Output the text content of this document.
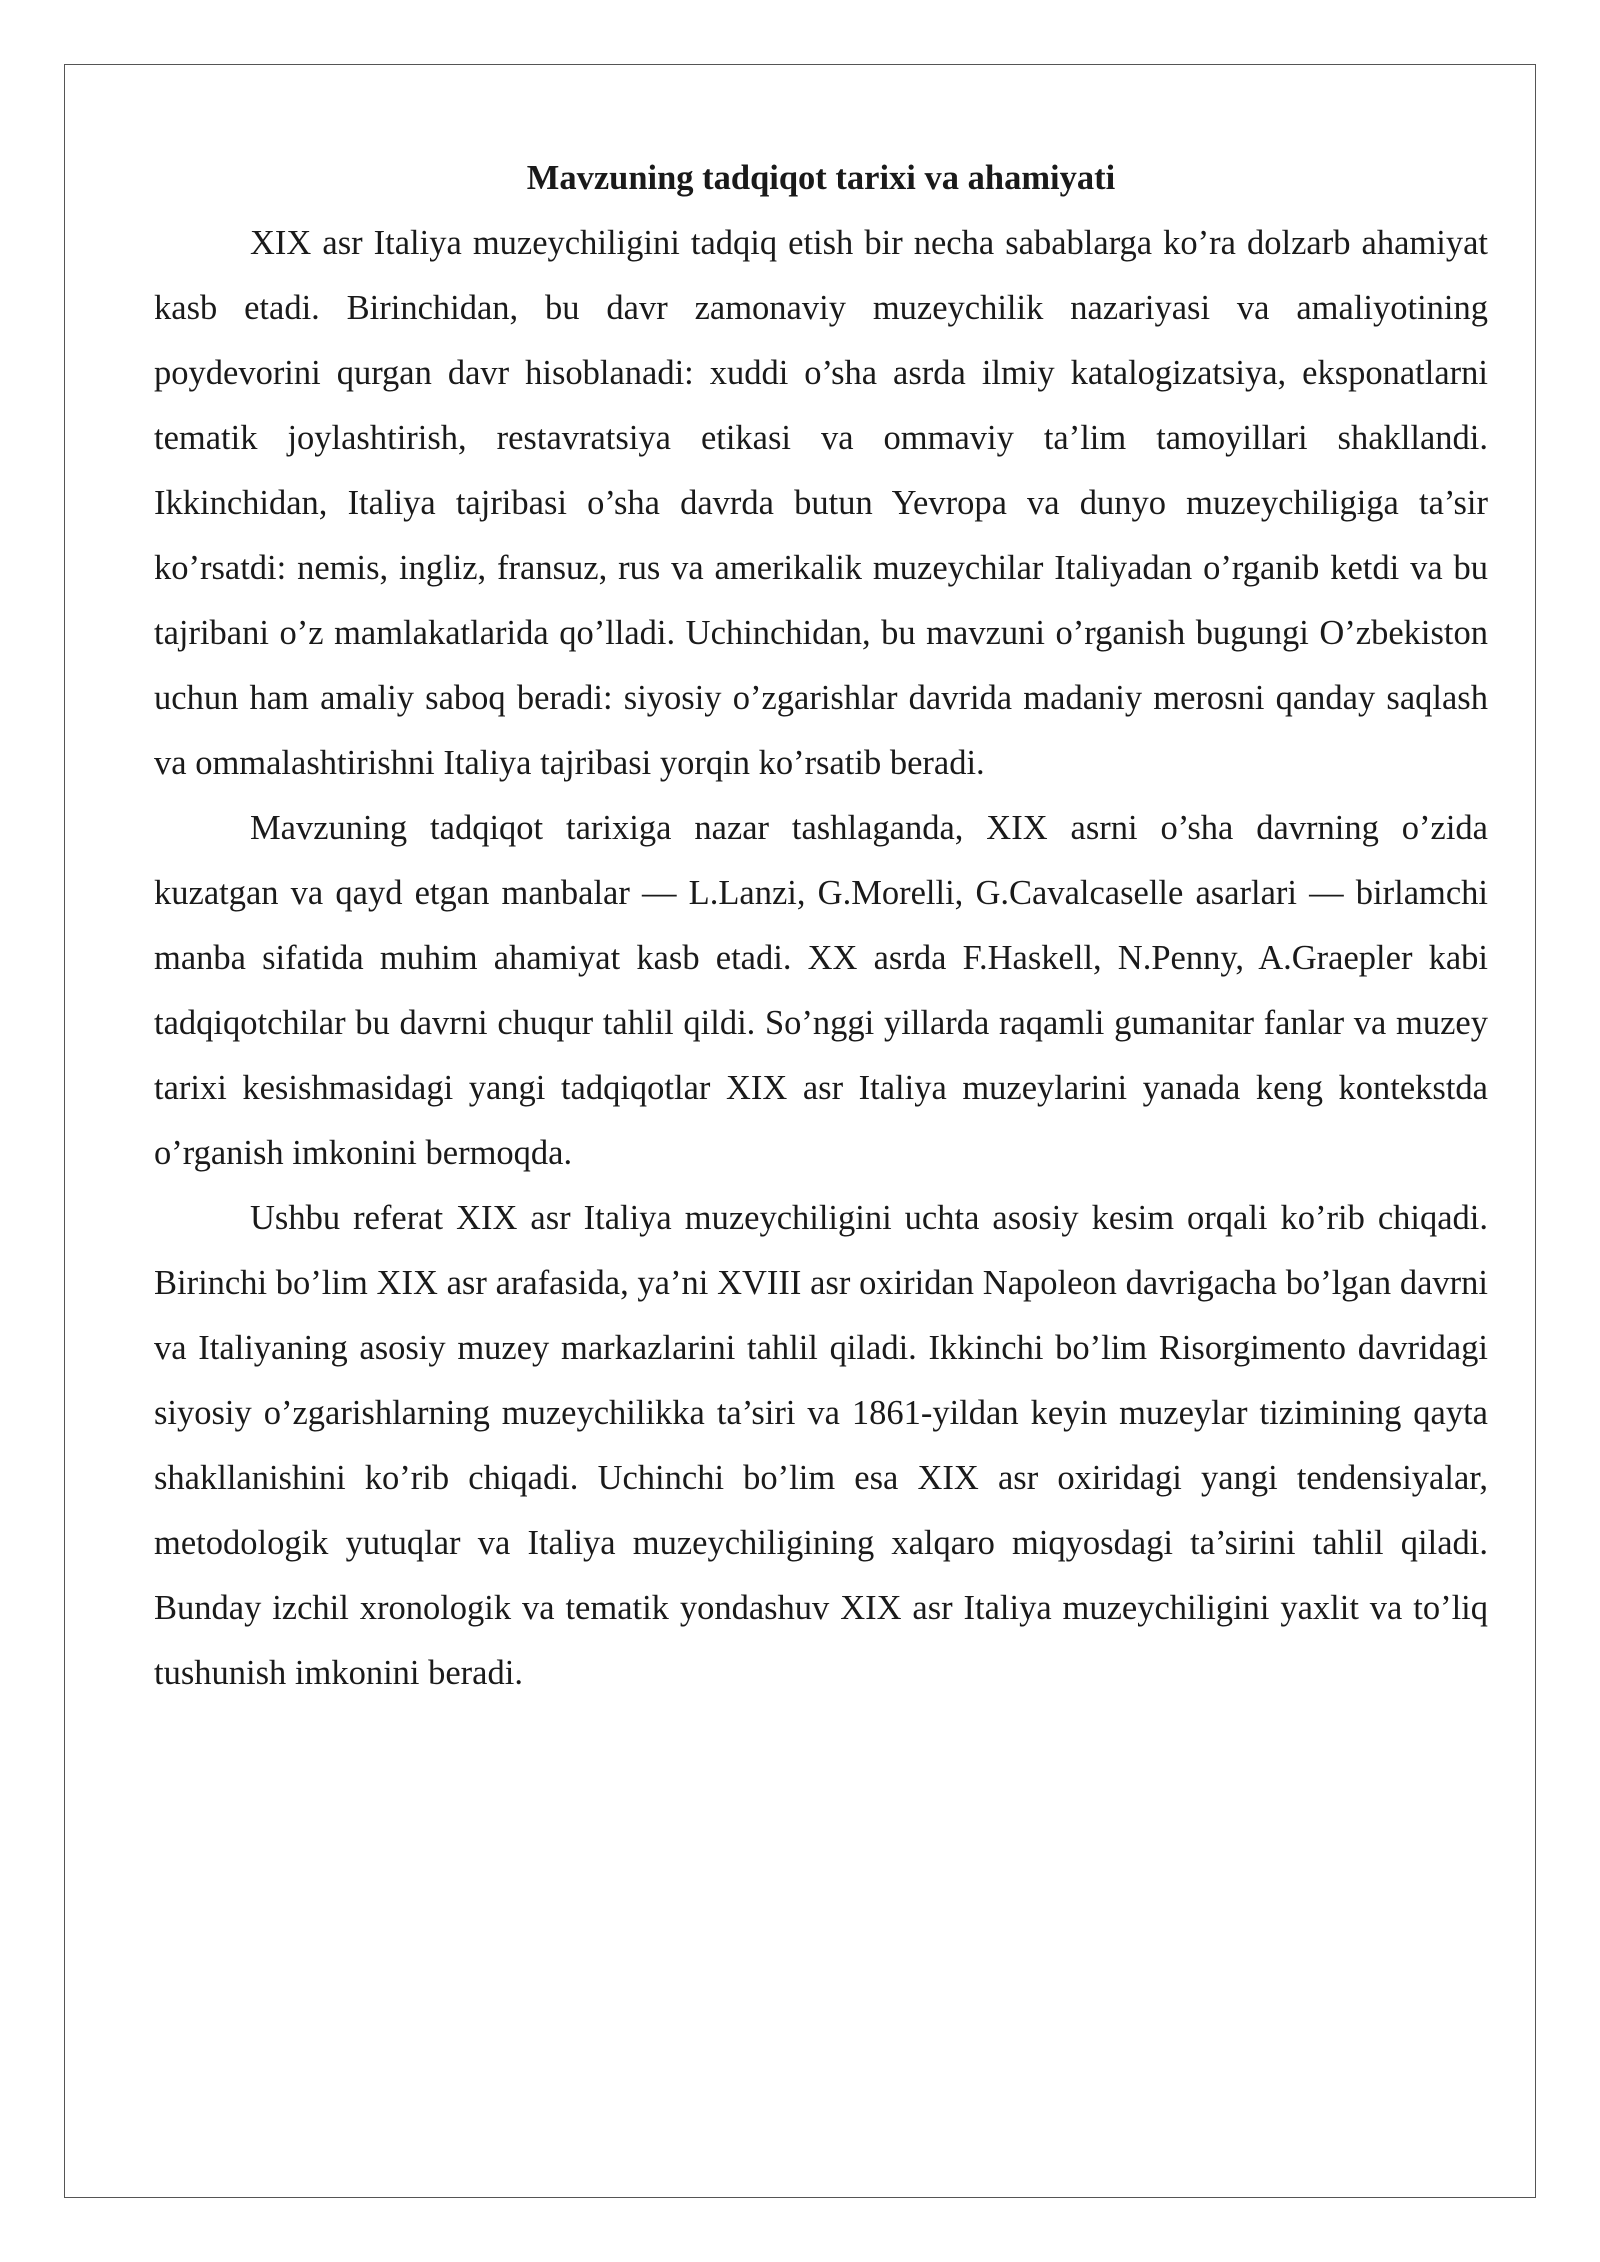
Mavzuning tadqiqot tarixi va ahamiyati

XIX asr Italiya muzeychiligini tadqiq etish bir necha sabablarga ko’ra dolzarb ahamiyat kasb etadi. Birinchidan, bu davr zamonaviy muzeychilik nazariyasi va amaliyotining poydevorini qurgan davr hisoblanadi: xuddi o’sha asrda ilmiy katalogizatsiya, eksponatlarni tematik joylashtirish, restavratsiya etikasi va ommaviy ta’lim tamoyillari shakllandi. Ikkinchidan, Italiya tajribasi o’sha davrda butun Yevropa va dunyo muzeychiligiga ta’sir ko’rsatdi: nemis, ingliz, fransuz, rus va amerikalik muzeychilar Italiyadan o’rganib ketdi va bu tajribani o’z mamlakatlarida qo’lladi. Uchinchidan, bu mavzuni o’rganish bugungi O’zbekiston uchun ham amaliy saboq beradi: siyosiy o’zgarishlar davrida madaniy merosni qanday saqlash va ommalashtirishni Italiya tajribasi yorqin ko’rsatib beradi.

Mavzuning tadqiqot tarixiga nazar tashlaganda, XIX asrni o’sha davrning o’zida kuzatgan va qayd etgan manbalar — L.Lanzi, G.Morelli, G.Cavalcaselle asarlari — birlamchi manba sifatida muhim ahamiyat kasb etadi. XX asrda F.Haskell, N.Penny, A.Graepler kabi tadqiqotchilar bu davrni chuqur tahlil qildi. So’nggi yillarda raqamli gumanitar fanlar va muzey tarixi kesishmasidagi yangi tadqiqotlar XIX asr Italiya muzeylarini yanada keng kontekstda o’rganish imkonini bermoqda.

Ushbu referat XIX asr Italiya muzeychiligini uchta asosiy kesim orqali ko’rib chiqadi. Birinchi bo’lim XIX asr arafasida, ya’ni XVIII asr oxiridan Napoleon davrigacha bo’lgan davrni va Italiyaning asosiy muzey markazlarini tahlil qiladi. Ikkinchi bo’lim Risorgimento davridagi siyosiy o’zgarishlarning muzeychilikka ta’siri va 1861-yildan keyin muzeylar tizimining qayta shakllanishini ko’rib chiqadi. Uchinchi bo’lim esa XIX asr oxiridagi yangi tendensiyalar, metodologik yutuqlar va Italiya muzeychiligining xalqaro miqyosdagi ta’sirini tahlil qiladi. Bunday izchil xronologik va tematik yondashuv XIX asr Italiya muzeychiligini yaxlit va to’liq tushunish imkonini beradi.
